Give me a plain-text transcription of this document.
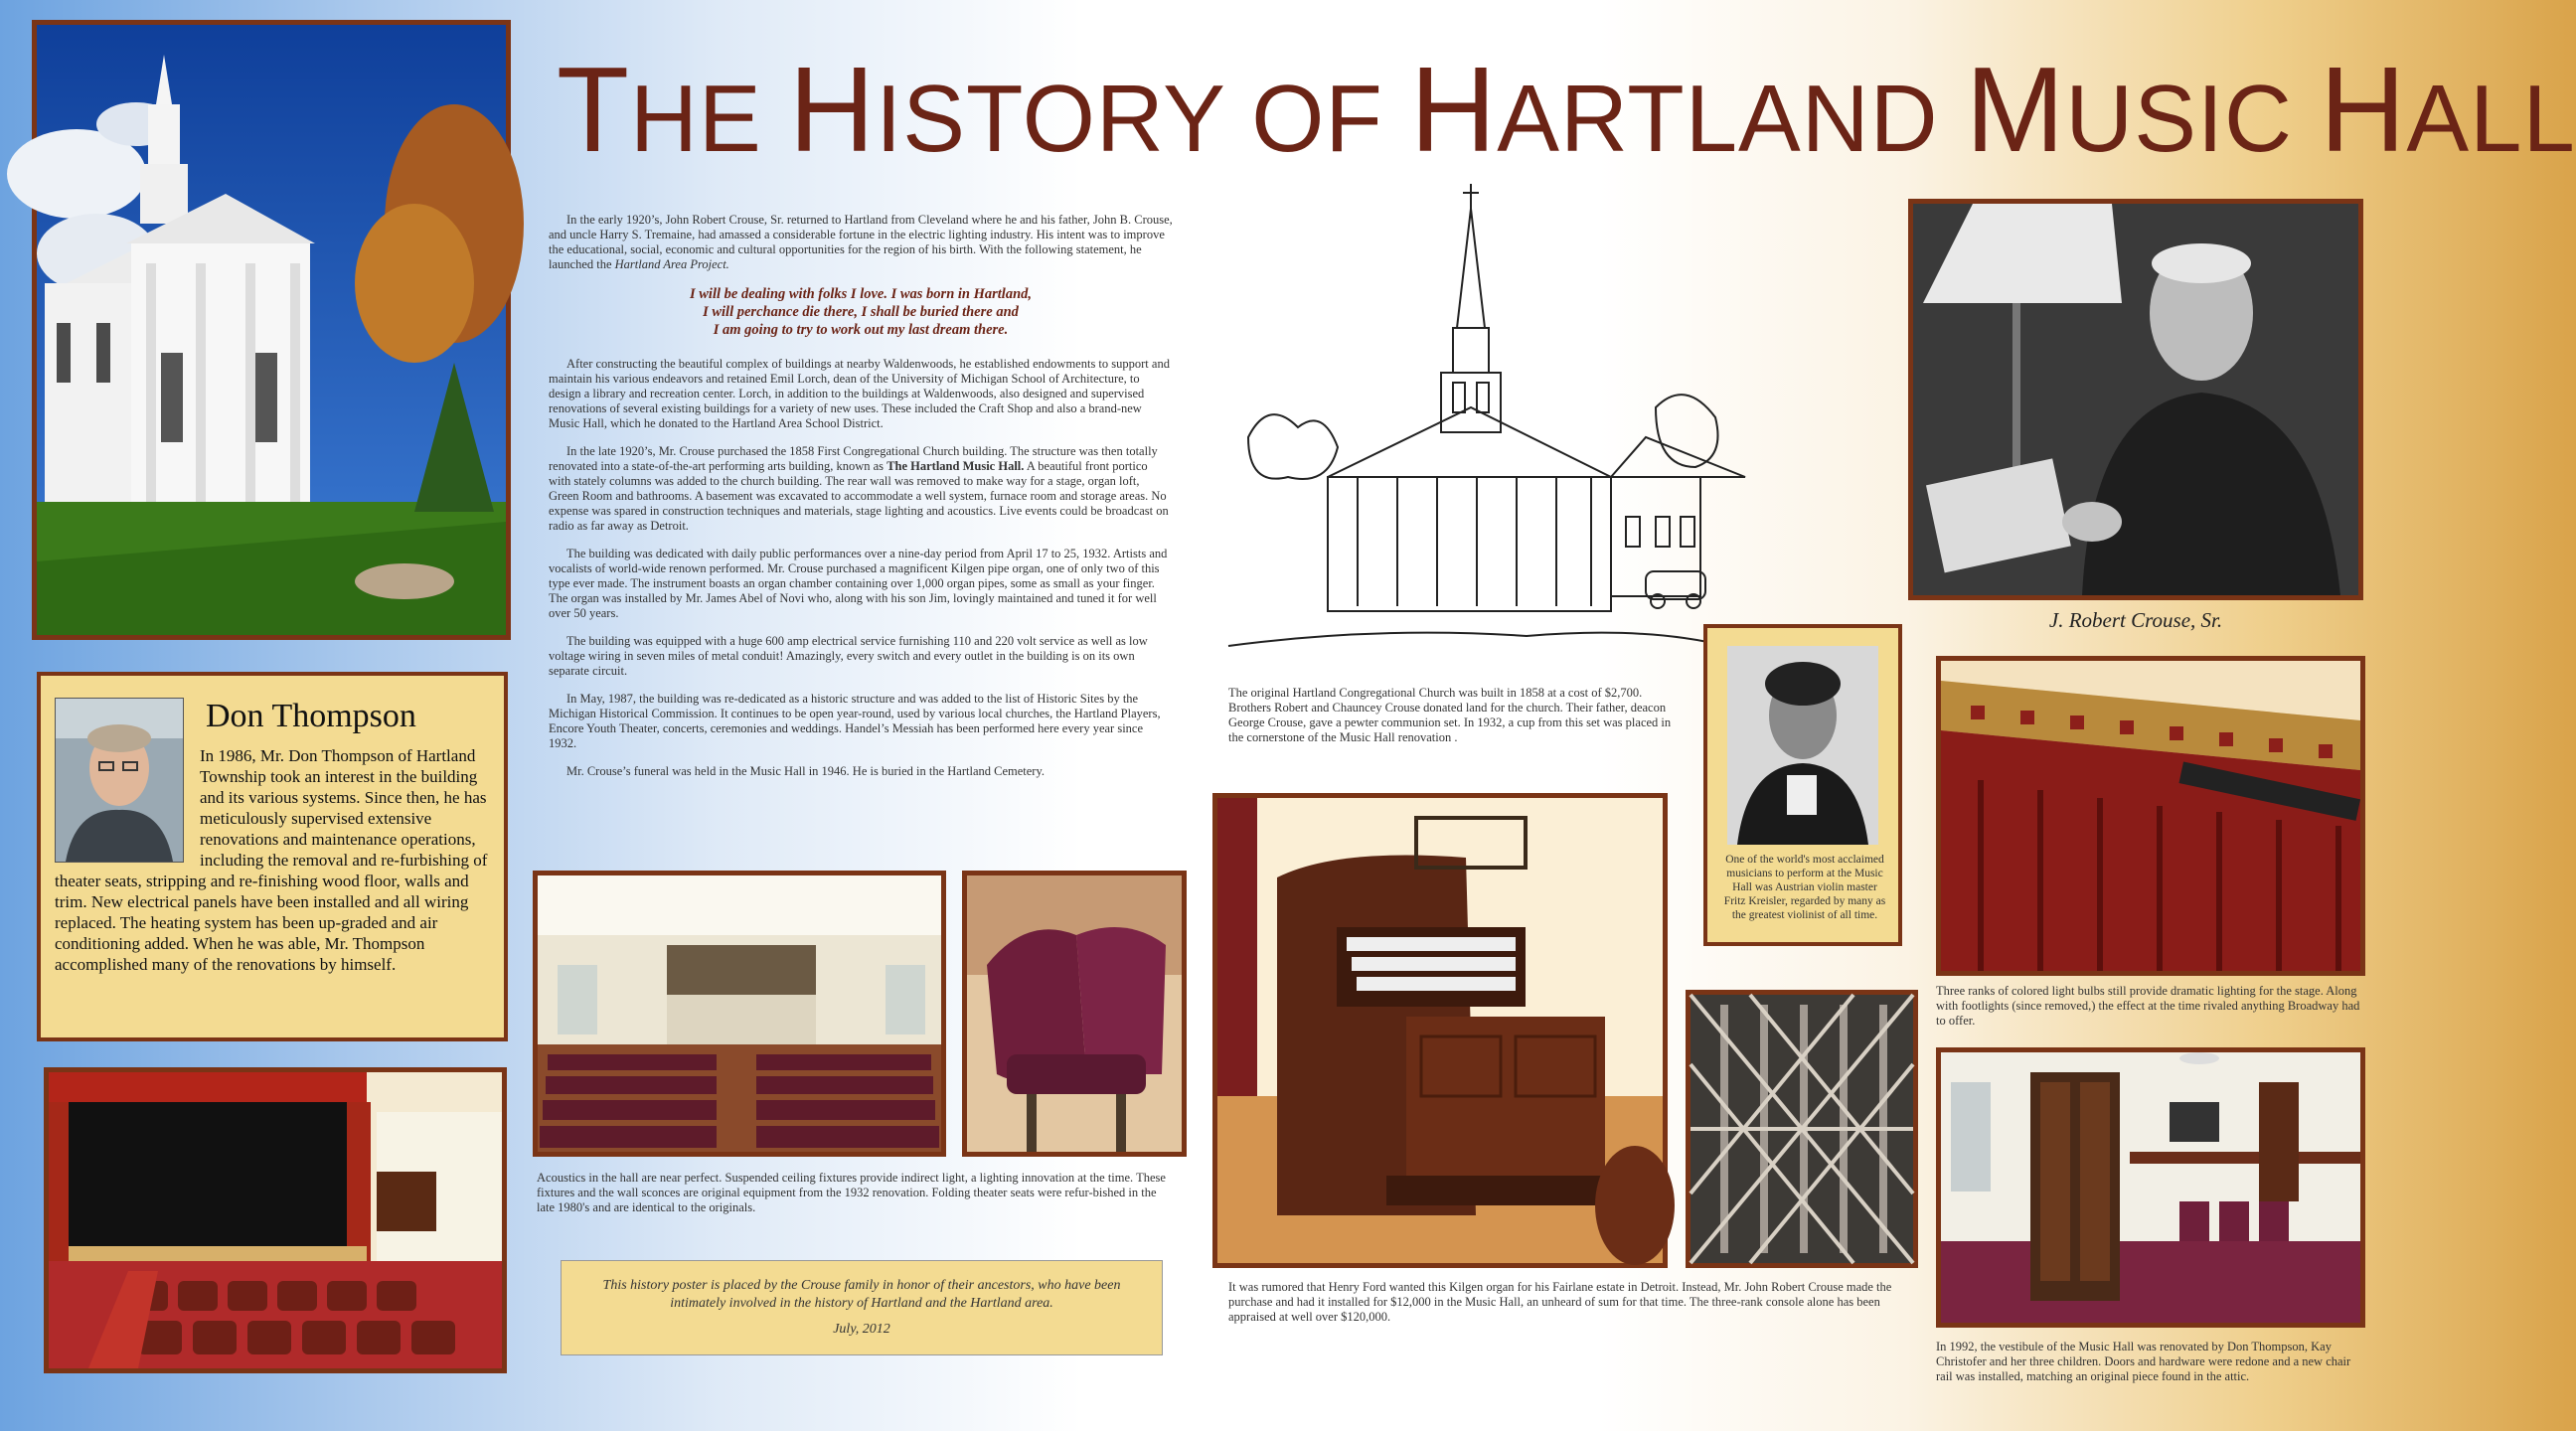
THE HISTORY OF HARTLAND MUSIC HALL
Don Thompson
In 1986, Mr. Don Thompson of Hartland Township took an interest in the building and its various systems. Since then, he has meticulously supervised extensive renovations and maintenance operations, including the removal and re-furbishing of theater seats, stripping and re-finishing wood floor, walls and trim. New electrical panels have been installed and all wiring replaced. The heating system has been up-graded and air conditioning added. When he was able, Mr. Thompson accomplished many of the renovations by himself.

In the early 1920’s, John Robert Crouse, Sr. returned to Hartland from Cleveland where he and his father, John B. Crouse, and uncle Harry S. Tremaine, had amassed a considerable fortune in the electric lighting industry. His intent was to improve the educational, social, economic and cultural opportunities for the region of his birth. With the following statement, he launched the Hartland Area Project.

I will be dealing with folks I love. I was born in Hartland,
I will perchance die there, I shall be buried there and
I am going to try to work out my last dream there.

After constructing the beautiful complex of buildings at nearby Waldenwoods, he established endowments to support and maintain his various endeavors and retained Emil Lorch, dean of the University of Michigan School of Architecture, to design a library and recreation center. Lorch, in addition to the buildings at Waldenwoods, also designed and supervised renovations of several existing buildings for a variety of new uses. These included the Craft Shop and also a brand-new Music Hall, which he donated to the Hartland Area School District.

In the late 1920’s, Mr. Crouse purchased the 1858 First Congregational Church building. The structure was then totally renovated into a state-of-the-art performing arts building, known as The Hartland Music Hall. A beautiful front portico with stately columns was added to the church building. The rear wall was removed to make way for a stage, organ loft, Green Room and bathrooms. A basement was excavated to accommodate a well system, furnace room and storage areas. No expense was spared in construction techniques and materials, stage lighting and acoustics. Live events could be broadcast on radio as far away as Detroit.

The building was dedicated with daily public performances over a nine-day period from April 17 to 25, 1932. Artists and vocalists of world-wide renown performed. Mr. Crouse purchased a magnificent Kilgen pipe organ, one of only two of this type ever made. The instrument boasts an organ chamber containing over 1,000 organ pipes, some as small as your finger. The organ was installed by Mr. James Abel of Novi who, along with his son Jim, lovingly maintained and tuned it for well over 50 years.

The building was equipped with a huge 600 amp electrical service furnishing 110 and 220 volt service as well as low voltage wiring in seven miles of metal conduit! Amazingly, every switch and every outlet in the building is on its own separate circuit.

In May, 1987, the building was re-dedicated as a historic structure and was added to the list of Historic Sites by the Michigan Historical Commission. It continues to be open year-round, used by various local churches, the Hartland Players, Encore Youth Theater, concerts, ceremonies and weddings. Handel’s Messiah has been performed here every year since 1932.

Mr. Crouse’s funeral was held in the Music Hall in 1946. He is buried in the Hartland Cemetery.

The original Hartland Congregational Church was built in 1858 at a cost of $2,700. Brothers Robert and Chauncey Crouse donated land for the church. Their father, deacon George Crouse, gave a pewter communion set. In 1932, a cup from this set was placed in the cornerstone of the Music Hall renovation .
J. Robert Crouse, Sr.
One of the world's most acclaimed musicians to perform at the Music Hall was Austrian violin master Fritz Kreisler, regarded by many as the greatest violinist of all time.
Three ranks of colored light bulbs still provide dramatic lighting for the stage. Along with footlights (since removed,) the effect at the time rivaled anything Broadway had to offer.
Acoustics in the hall are near perfect. Suspended ceiling fixtures provide indirect light, a lighting innovation at the time. These fixtures and the wall sconces are original equipment from the 1932 renovation. Folding theater seats were refur-bished in the late 1980's and are identical to the originals.
This history poster is placed by the Crouse family in honor of their ancestors, who have been intimately involved in the history of Hartland and the Hartland area.
July, 2012
It was rumored that Henry Ford wanted this Kilgen organ for his Fairlane estate in Detroit. Instead, Mr. John Robert Crouse made the purchase and had it installed for $12,000 in the Music Hall, an unheard of sum for that time. The three-rank console alone has been appraised at well over $120,000.
In 1992, the vestibule of the Music Hall was renovated by Don Thompson, Kay Christofer and her three children. Doors and hardware were redone and a new chair rail was installed, matching an original piece found in the attic.
